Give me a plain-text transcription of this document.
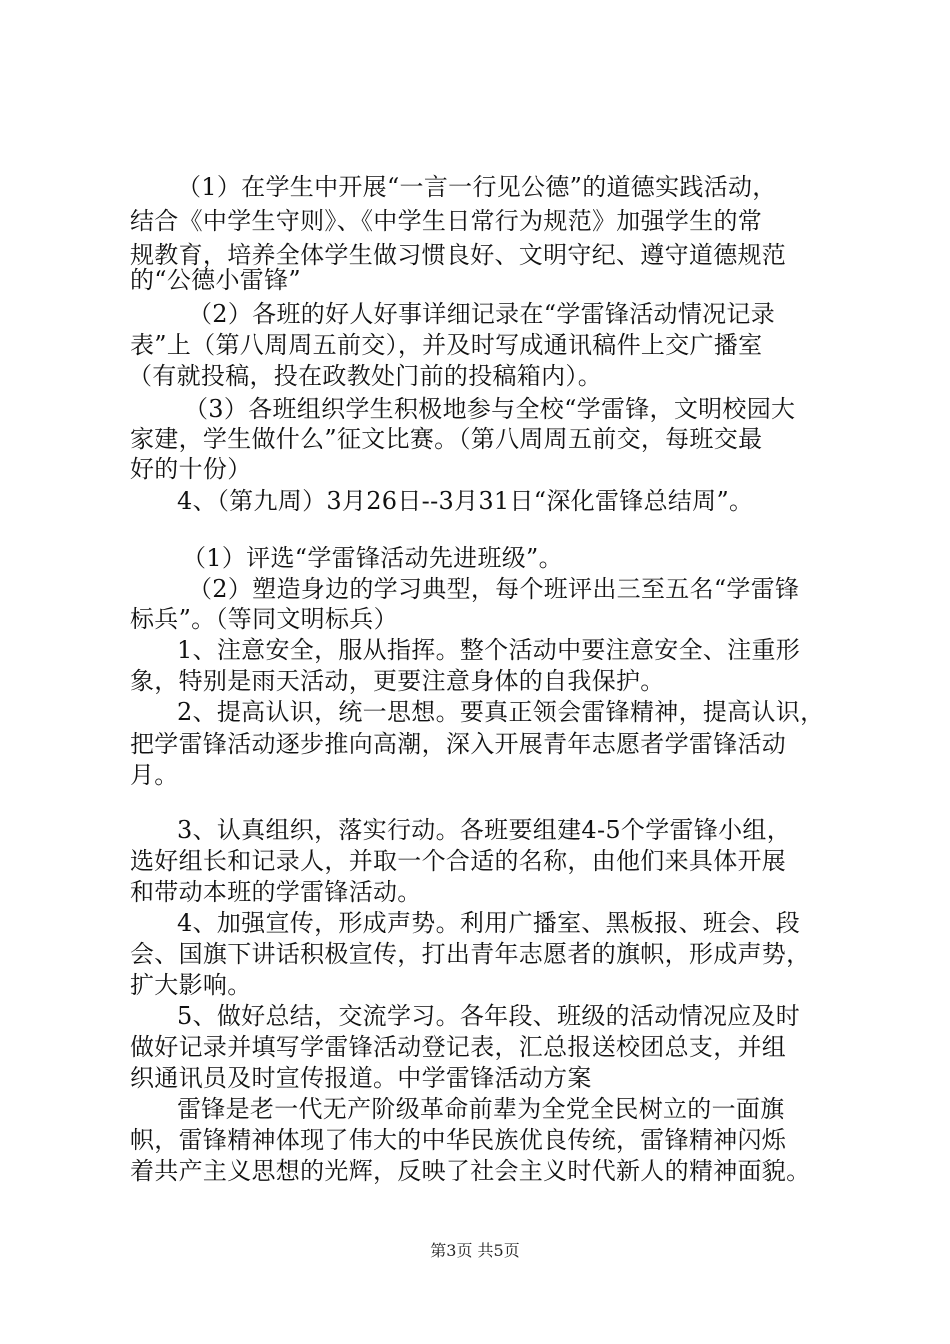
（1）在学生中开展“一言一行见公德”的道德实践活动，
结合《中学生守则》、《中学生日常行为规范》加强学生的常
规教育，培养全体学生做习惯良好、文明守纪、遵守道德规范
的“公德小雷锋”
（2）各班的好人好事详细记录在“学雷锋活动情况记录
表”上（第八周周五前交），并及时写成通讯稿件上交广播室
（有就投稿，投在政教处门前的投稿箱内）。
（3）各班组织学生积极地参与全校“学雷锋，文明校园大
家建，学生做什么”征文比赛。（第八周周五前交，每班交最
好的十份）
4、（第九周）3月26日--3月31日“深化雷锋总结周”。
（1）评选“学雷锋活动先进班级”。
（2）塑造身边的学习典型，每个班评出三至五名“学雷锋
标兵”。（等同文明标兵）
1、注意安全，服从指挥。整个活动中要注意安全、注重形
象，特别是雨天活动，更要注意身体的自我保护。
2、提高认识，统一思想。要真正领会雷锋精神，提高认识，
把学雷锋活动逐步推向高潮，深入开展青年志愿者学雷锋活动
月。
3、认真组织，落实行动。各班要组建4-5个学雷锋小组，
选好组长和记录人，并取一个合适的名称，由他们来具体开展
和带动本班的学雷锋活动。
4、加强宣传，形成声势。利用广播室、黑板报、班会、段
会、国旗下讲话积极宣传，打出青年志愿者的旗帜，形成声势，
扩大影响。
5、做好总结，交流学习。各年段、班级的活动情况应及时
做好记录并填写学雷锋活动登记表，汇总报送校团总支，并组
织通讯员及时宣传报道。中学雷锋活动方案
雷锋是老一代无产阶级革命前辈为全党全民树立的一面旗
帜，雷锋精神体现了伟大的中华民族优良传统，雷锋精神闪烁
着共产主义思想的光辉，反映了社会主义时代新人的精神面貌。
第3页 共5页
